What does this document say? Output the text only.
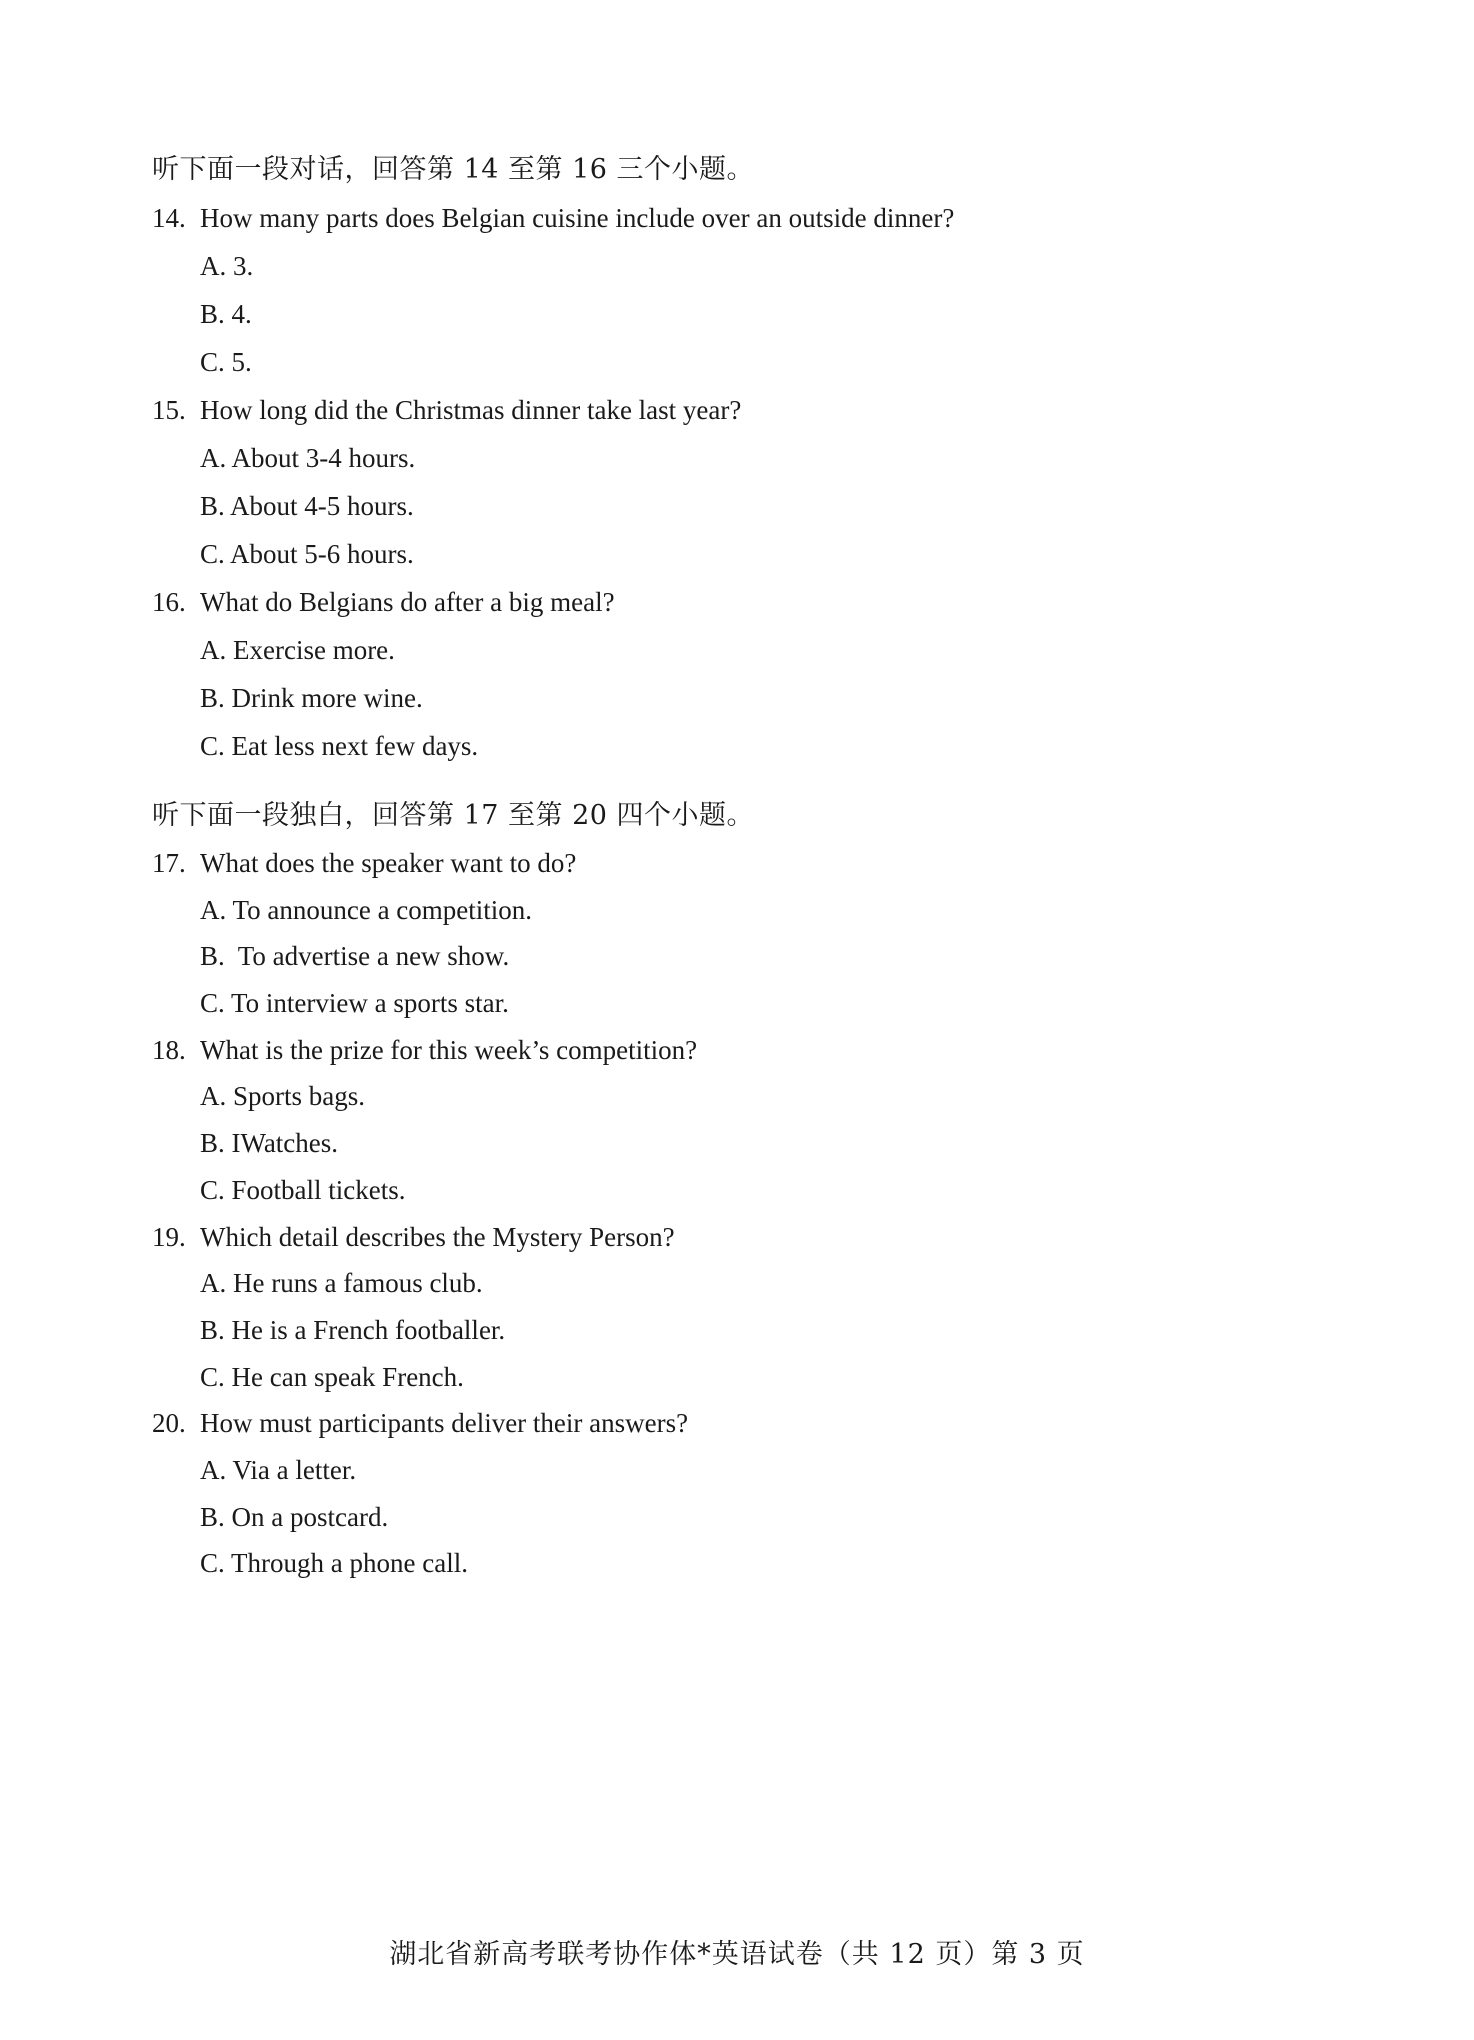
听下面一段对话，回答第 14 至第 16 三个小题。
14. How many parts does Belgian cuisine include over an outside dinner?
A. 3.
B. 4.
C. 5.
15. How long did the Christmas dinner take last year?
A. About 3-4 hours.
B. About 4-5 hours.
C. About 5-6 hours.
16. What do Belgians do after a big meal?
A. Exercise more.
B. Drink more wine.
C. Eat less next few days.
听下面一段独白，回答第 17 至第 20 四个小题。
17. What does the speaker want to do?
A. To announce a competition.
B.  To advertise a new show.
C. To interview a sports star.
18. What is the prize for this week’s competition?
A. Sports bags.
B. IWatches.
C. Football tickets.
19. Which detail describes the Mystery Person?
A. He runs a famous club.
B. He is a French footballer.
C. He can speak French.
20. How must participants deliver their answers?
A. Via a letter.
B. On a postcard.
C. Through a phone call.
湖北省新高考联考协作体*英语试卷（共 12 页）第 3 页
